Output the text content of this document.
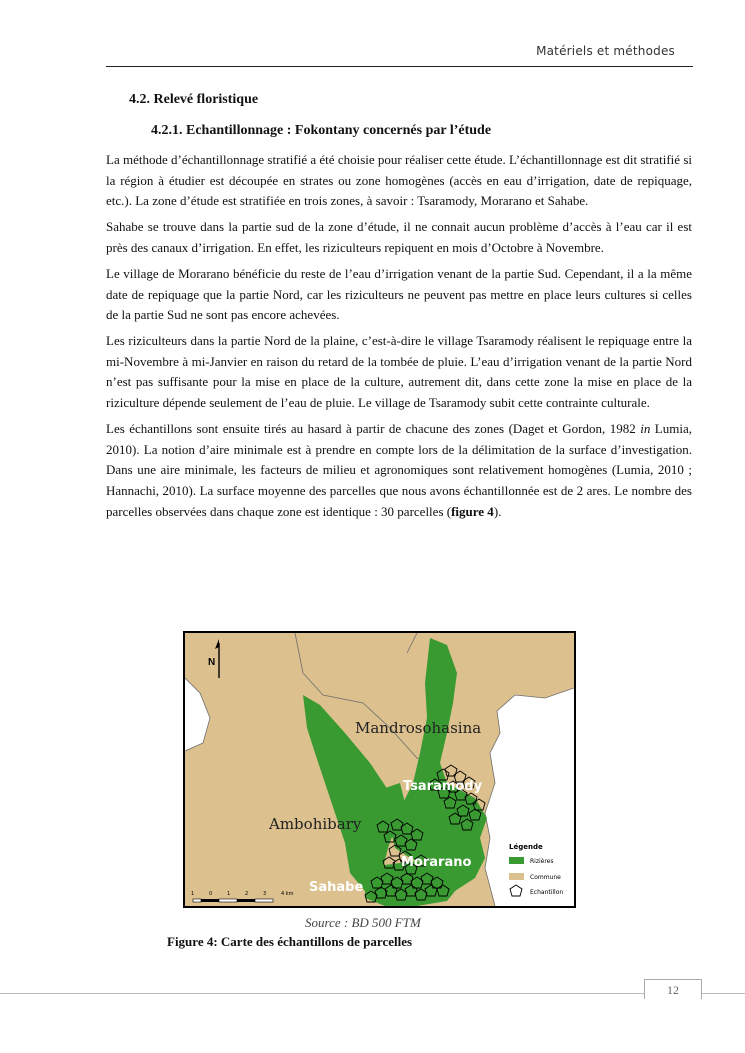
Matériels et méthodes
4.2. Relevé floristique
4.2.1. Echantillonnage : Fokontany concernés par l’étude

La méthode d’échantillonnage stratifié a été choisie pour réaliser cette étude. L’échantillonnage est dit stratifié si la région à étudier est découpée en strates ou zone homogènes (accès en eau d’irrigation, date de repiquage, etc.). La zone d’étude est stratifiée en trois zones, à savoir : Tsaramody, Morarano et Sahabe.

Sahabe se trouve dans la partie sud de la zone d’étude, il ne connait aucun problème d’accès à l’eau car il est près des canaux d’irrigation. En effet, les riziculteurs repiquent en mois d’Octobre à Novembre.

Le village de Morarano bénéficie du reste de l’eau d’irrigation venant de la partie Sud. Cependant, il a la même date de repiquage que la partie Nord, car les riziculteurs ne peuvent pas mettre en place leurs cultures si celles de la partie Sud ne sont pas encore achevées.

Les riziculteurs dans la partie Nord de la plaine, c’est-à-dire le village Tsaramody réalisent le repiquage entre la mi-Novembre à mi-Janvier en raison du retard de la tombée de pluie. L’eau d’irrigation venant de la partie Nord n’est pas suffisante pour la mise en place de la culture, autrement dit, dans cette zone la mise en place de la riziculture dépende seulement de l’eau de pluie. Le village de Tsaramody subit cette contrainte culturale.

Les échantillons sont ensuite tirés au hasard à partir de chacune des zones (Daget et Gordon, 1982 in Lumia, 2010). La notion d’aire minimale est à prendre en compte lors de la délimitation de la surface d’investigation. Dans une aire minimale, les facteurs de milieu et agronomiques sont relativement homogènes (Lumia, 2010 ; Hannachi, 2010). La surface moyenne des parcelles que nous avons échantillonnée est de 2 ares. Le nombre des parcelles observées dans chaque zone est identique : 30 parcelles (figure 4).

N
Mandrosohasina
Tsaramody
Ambohibary
Morarano
Sahabe
Légende
Rizières
Commune
Echantillon
1	0	1	2	3	4 km
Source : BD 500 FTM
Figure 4: Carte des échantillons de parcelles
12
